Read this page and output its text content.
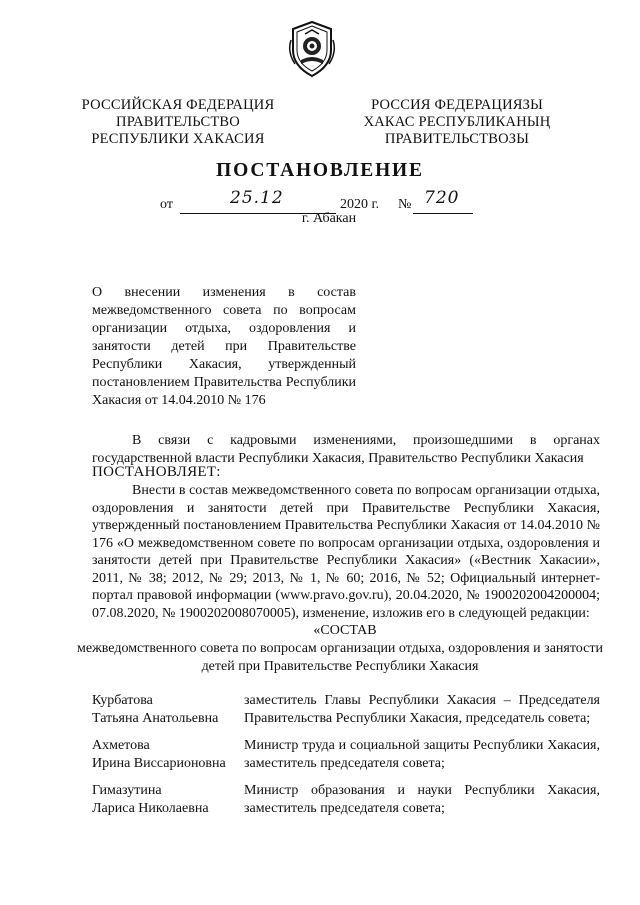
РОССИЙСКАЯ ФЕДЕРАЦИЯ
ПРАВИТЕЛЬСТВО
РЕСПУБЛИКИ ХАКАСИЯ
РОССИЯ ФЕДЕРАЦИЯЗЫ
ХАКАС РЕСПУБЛИКАНЫҢ
ПРАВИТЕЛЬСТВОЗЫ
ПОСТАНОВЛЕНИЕ
от	25.12	2020 г. № 720
г. Абакан
О внесении изменения в состав межведомственного совета по вопросам организации отдыха, оздоровления и занятости детей при Правительстве Республики Хакасия, утвержденный постановлением Правительства Республики Хакасия от 14.04.2010 № 176
В связи с кадровыми изменениями, произошедшими в органах государственной власти Республики Хакасия, Правительство Республики Хакасия
ПОСТАНОВЛЯЕТ:
Внести в состав межведомственного совета по вопросам организации отдыха, оздоровления и занятости детей при Правительстве Республики Хакасия, утвержденный постановлением Правительства Республики Хакасия от 14.04.2010 № 176 «О межведомственном совете по вопросам организации отдыха, оздоровления и занятости детей при Правительстве Республики Хакасия» («Вестник Хакасии», 2011, № 38; 2012, № 29; 2013, № 1, № 60; 2016, № 52; Официальный интернет-портал правовой информации (www.pravo.gov.ru), 20.04.2020, № 1900202004200004; 07.08.2020, № 1900202008070005), изменение, изложив его в следующей редакции:
«СОСТАВ
межведомственного совета по вопросам организации отдыха, оздоровления и занятости детей при Правительстве Республики Хакасия
Курбатова
Татьяна Анатольевна
заместитель Главы Республики Хакасия – Председателя Правительства Республики Хакасия, председатель совета;
Ахметова
Ирина Виссарионовна
Министр труда и социальной защиты Республики Хакасия, заместитель председателя совета;
Гимазутина
Лариса Николаевна
Министр образования и науки Республики Хакасия, заместитель председателя совета;
